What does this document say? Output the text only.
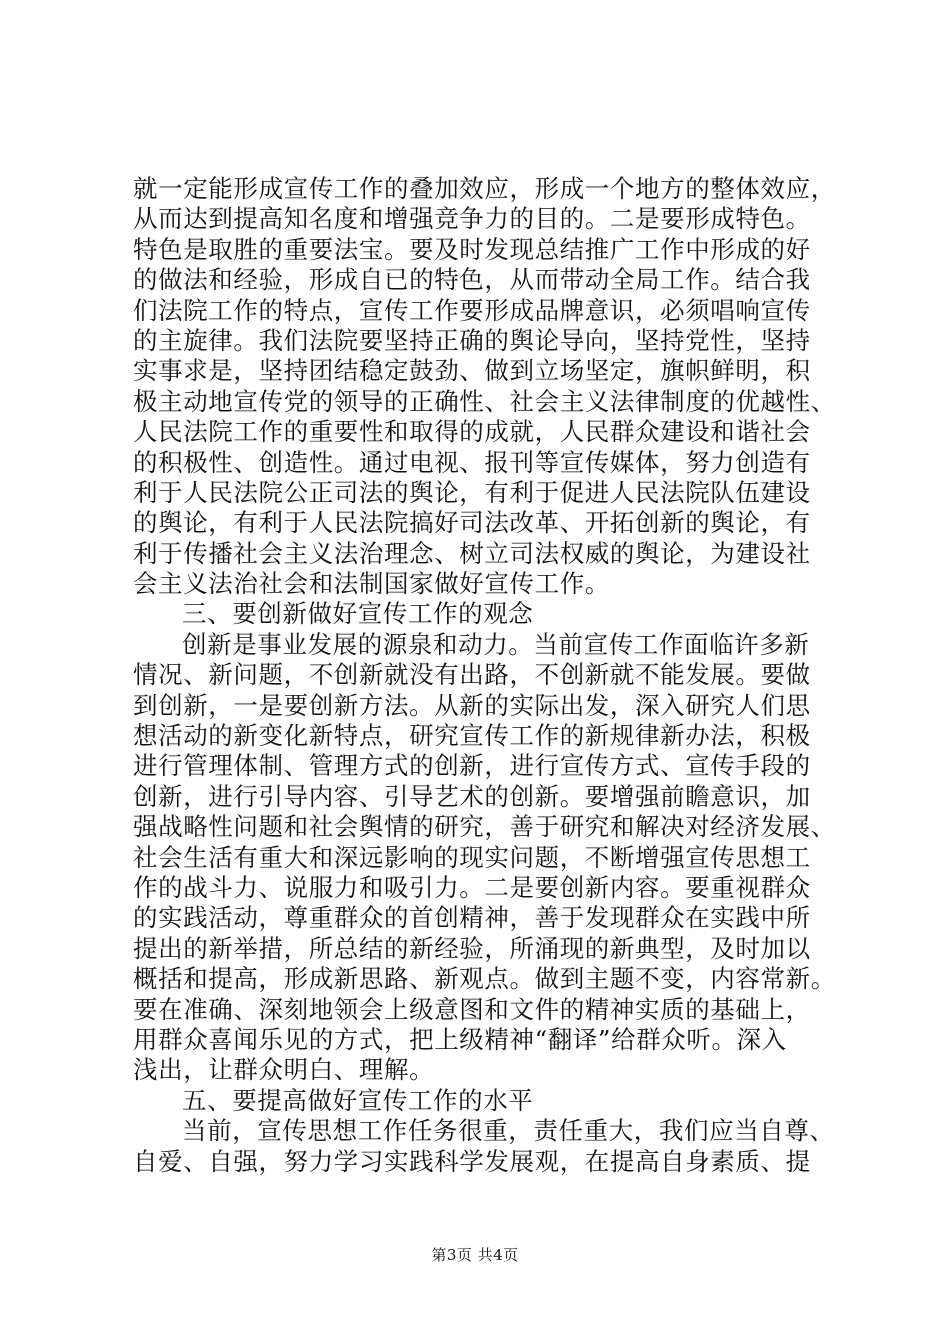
就一定能形成宣传工作的叠加效应，形成一个地方的整体效应，
从而达到提高知名度和增强竞争力的目的。二是要形成特色。
特色是取胜的重要法宝。要及时发现总结推广工作中形成的好
的做法和经验，形成自已的特色，从而带动全局工作。结合我
们法院工作的特点，宣传工作要形成品牌意识，必须唱响宣传
的主旋律。我们法院要坚持正确的舆论导向，坚持党性，坚持
实事求是，坚持团结稳定鼓劲、做到立场坚定，旗帜鲜明，积
极主动地宣传党的领导的正确性、社会主义法律制度的优越性、
人民法院工作的重要性和取得的成就，人民群众建设和谐社会
的积极性、创造性。通过电视、报刊等宣传媒体，努力创造有
利于人民法院公正司法的舆论，有利于促进人民法院队伍建设
的舆论，有利于人民法院搞好司法改革、开拓创新的舆论，有
利于传播社会主义法治理念、树立司法权威的舆论，为建设社
会主义法治社会和法制国家做好宣传工作。
三、要创新做好宣传工作的观念
创新是事业发展的源泉和动力。当前宣传工作面临许多新
情况、新问题，不创新就没有出路，不创新就不能发展。要做
到创新，一是要创新方法。从新的实际出发，深入研究人们思
想活动的新变化新特点，研究宣传工作的新规律新办法，积极
进行管理体制、管理方式的创新，进行宣传方式、宣传手段的
创新，进行引导内容、引导艺术的创新。要增强前瞻意识，加
强战略性问题和社会舆情的研究，善于研究和解决对经济发展、
社会生活有重大和深远影响的现实问题，不断增强宣传思想工
作的战斗力、说服力和吸引力。二是要创新内容。要重视群众
的实践活动，尊重群众的首创精神，善于发现群众在实践中所
提出的新举措，所总结的新经验，所涌现的新典型，及时加以
概括和提高，形成新思路、新观点。做到主题不变，内容常新。
要在准确、深刻地领会上级意图和文件的精神实质的基础上，
用群众喜闻乐见的方式，把上级精神“翻译”给群众听。深入
浅出，让群众明白、理解。
五、要提高做好宣传工作的水平
当前，宣传思想工作任务很重，责任重大，我们应当自尊、
自爱、自强，努力学习实践科学发展观，在提高自身素质、提
第3页 共4页
